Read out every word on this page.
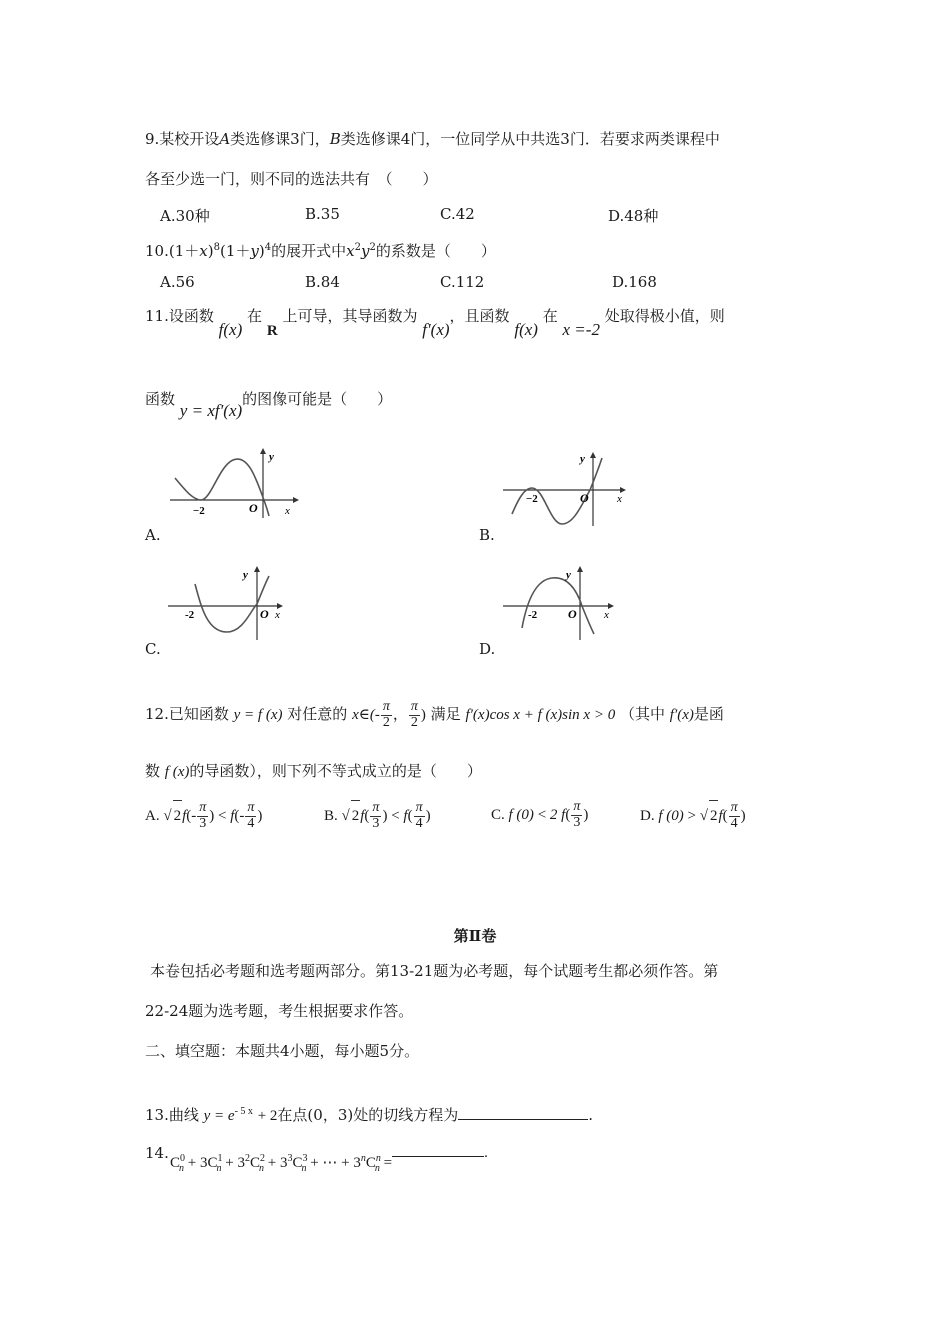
9.某校开设A类选修课3门，B类选修课4门，一位同学从中共选3门．若要求两类课程中
各至少选一门，则不同的选法共有　（　　）
A.30种	B.35	C.42	D.48种
$10.(1+x)^8(1+y)^4$的展开式中$x^2y^2$的系数是（　　）
A.56	B.84	C.112	D.168
11.设函数 f(x) 在 R 上可导，其导函数为 f′(x)，且函数 f(x) 在 x =-2 处取得极小值，则
函数 y = xf′(x)的图像可能是（　　）
y
x
O
−2
A.
y
x
O
−2
B.
y
x
O
-2
C.
y
x
O
-2
D.
12.已知函数 y = f (x) 对任意的 x∈(- $\frac{\pi}{2}$ ， $\frac{\pi}{2}$ ) 满足 f′(x)cos x + f (x)sin x > 0 （其中 f′(x)是函
数 f (x)的导函数），则下列不等式成立的是（　　）
A. √ $2f(- \frac{\pi}{3}$ ) < $f(- \frac{\pi}{4}$ )	B. √ $2f( \frac{\pi}{3}$ ) < $f( \frac{\pi}{4}$ )	C. f (0) < 2 $f( \frac{\pi}{3}$ )	D. f (0) > √ $2f( \frac{\pi}{4}$ )
第Ⅱ卷
本卷包括必考题和选考题两部分。第13-21题为必考题，每个试题考生都必须作答。第
22-24题为选考题，考生根据要求作答。
二、填空题：本题共4小题，每小题5分。
13.曲线 $y = e^{- 5 x} + 2$在点(0，3)处的切线方程为	.
14.
$C^0_n + 3C^1_n + 3^2C^2_n + 3^3C^3_n$ + ⋯ + $3^nC^n_n$ =.
